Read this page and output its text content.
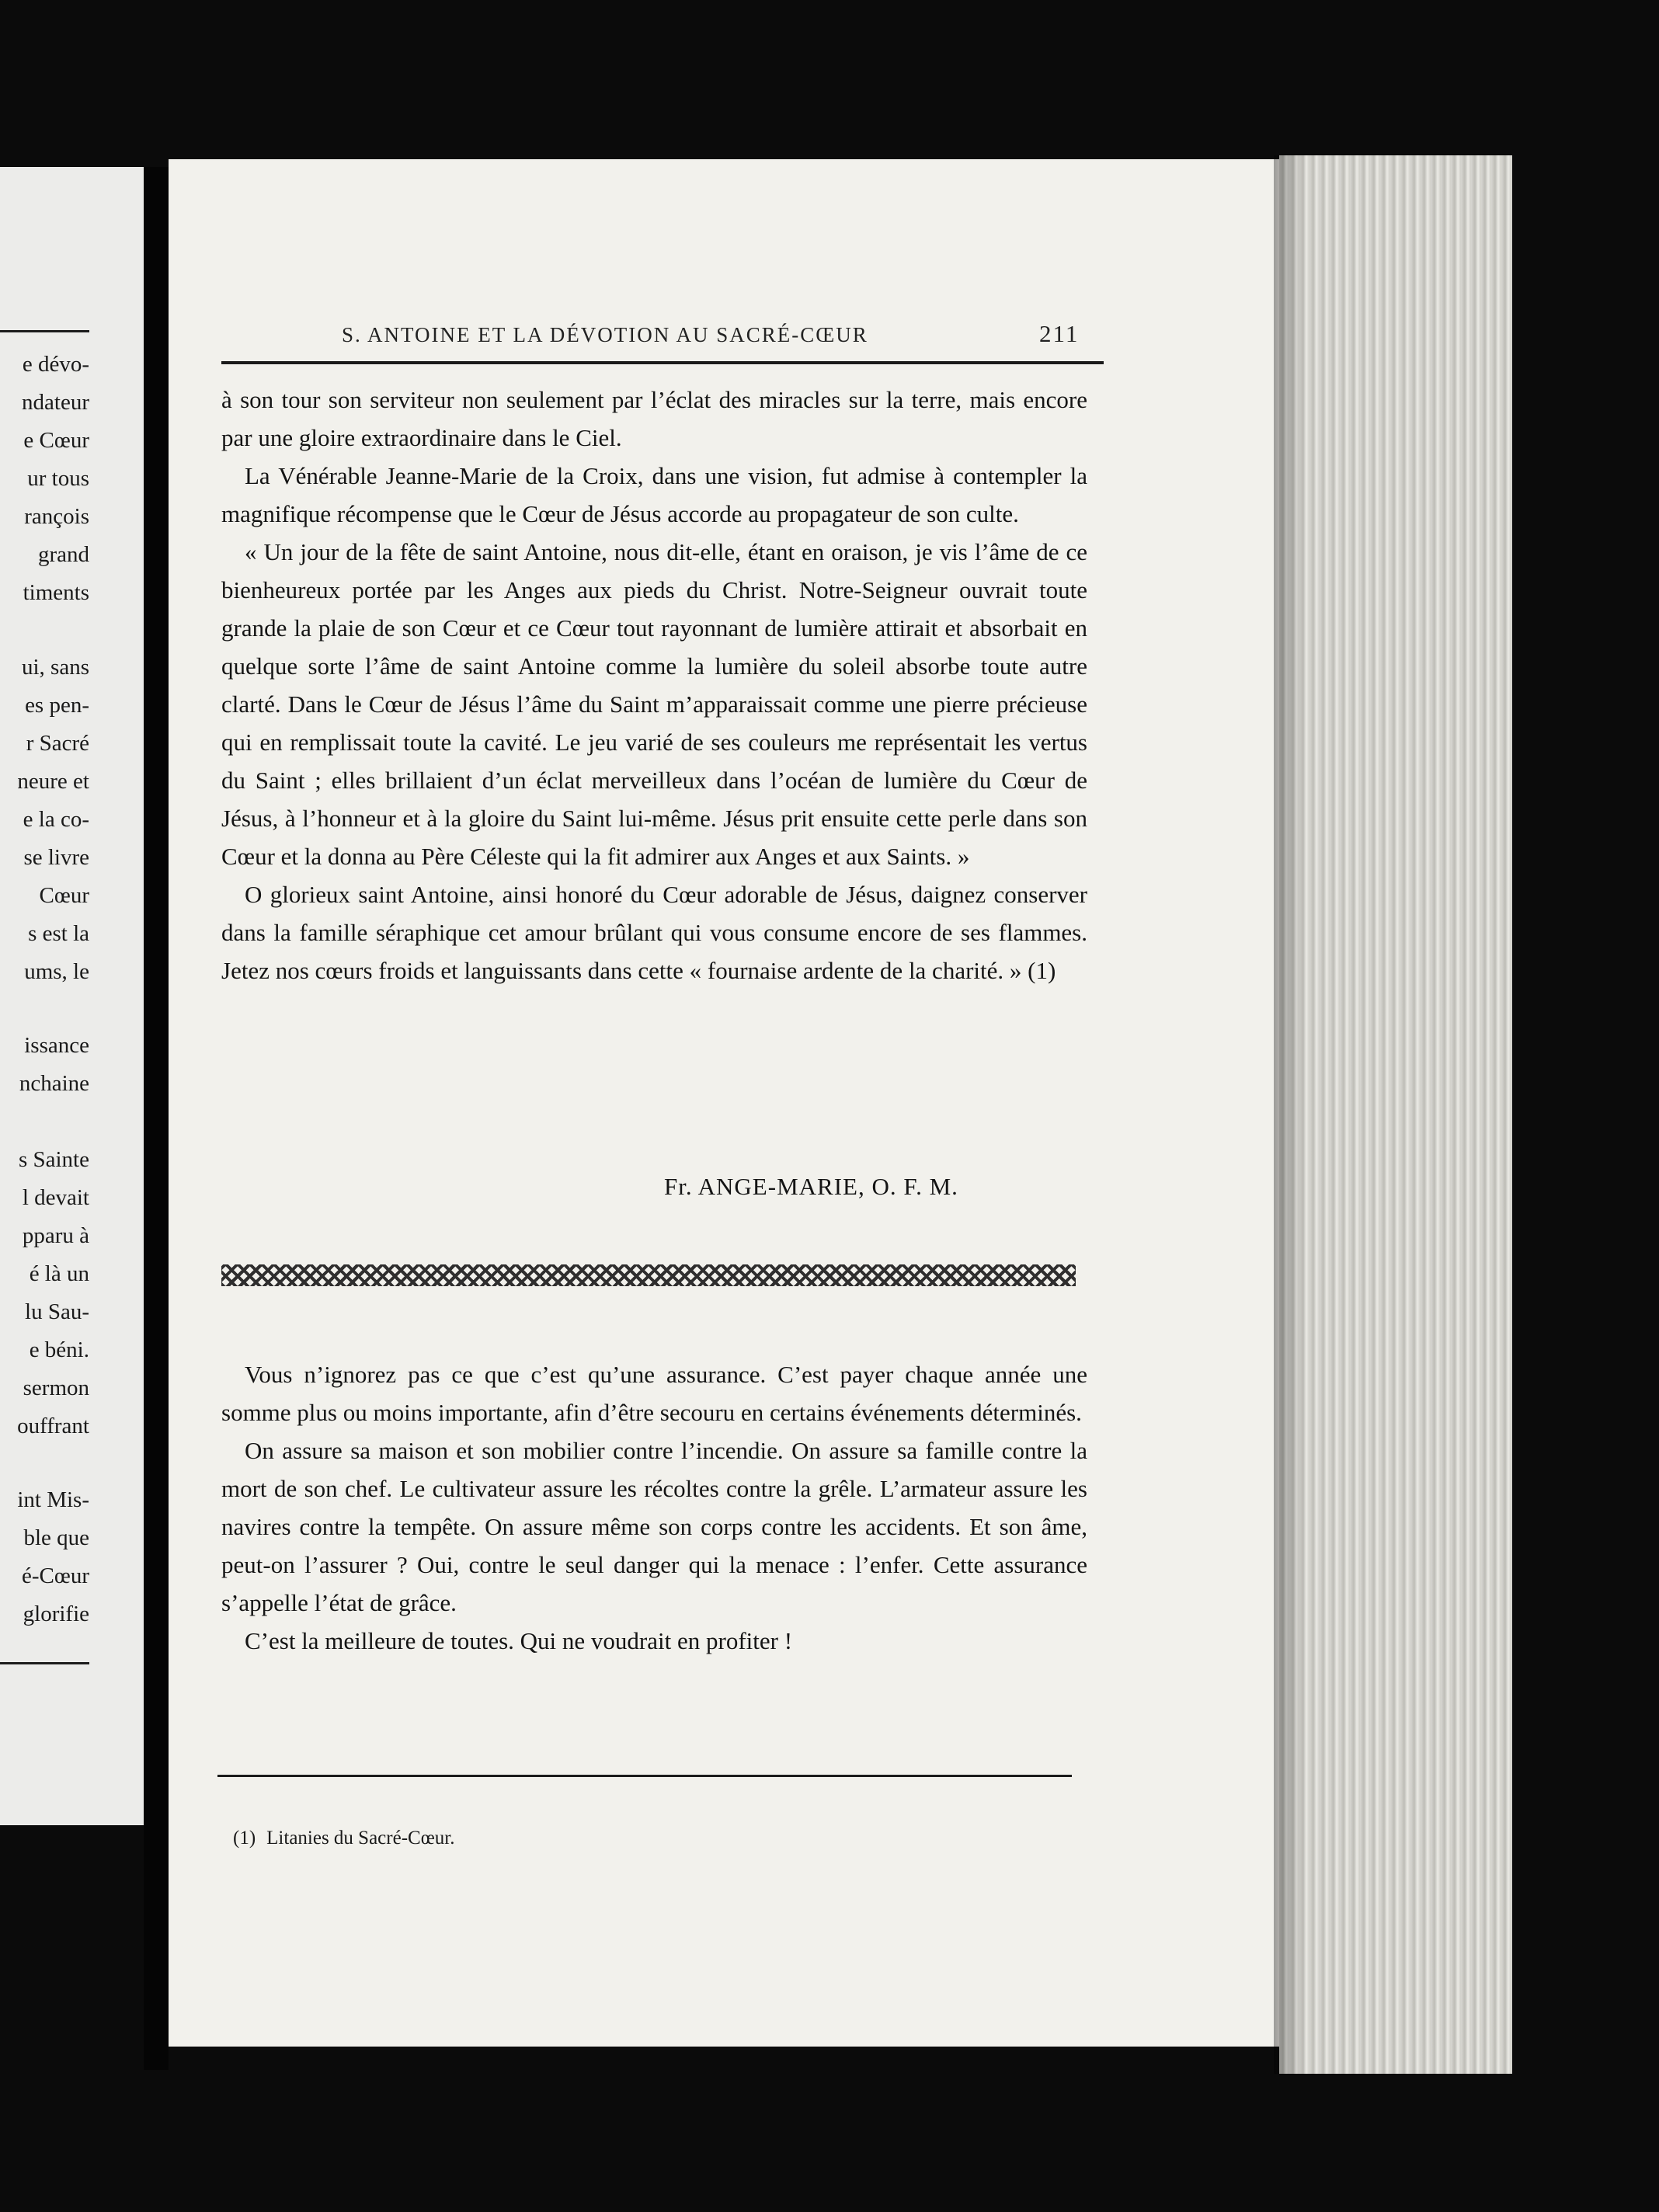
e dévo-
ndateur
e Cœur
ur tous
rançois
grand
timents
ui, sans
es pen-
r Sacré
neure et
e la co-
se livre
Cœur
s est la
ums, le
issance
nchaine
s Sainte
l devait
pparu à
é là un
lu Sau-
e béni.
sermon
ouffrant
int Mis-
ble que
é-Cœur
glorifie
S. ANTOINE ET LA DÉVOTION AU SACRÉ-CŒUR	211

à son tour son serviteur non seulement par l’éclat des miracles sur la terre, mais encore par une gloire extraordinaire dans le Ciel.

La Vénérable Jeanne-Marie de la Croix, dans une vision, fut admise à contempler la magnifique récompense que le Cœur de Jésus accorde au propagateur de son culte.

« Un jour de la fête de saint Antoine, nous dit-elle, étant en oraison, je vis l’âme de ce bienheureux portée par les Anges aux pieds du Christ. Notre-Seigneur ouvrait toute grande la plaie de son Cœur et ce Cœur tout rayonnant de lumière attirait et absorbait en quelque sorte l’âme de saint Antoine comme la lumière du soleil absorbe toute autre clarté. Dans le Cœur de Jésus l’âme du Saint m’apparaissait comme une pierre précieuse qui en remplissait toute la cavité. Le jeu varié de ses couleurs me représentait les vertus du Saint ; elles brillaient d’un éclat merveilleux dans l’océan de lumière du Cœur de Jésus, à l’honneur et à la gloire du Saint lui-même. Jésus prit ensuite cette perle dans son Cœur et la donna au Père Céleste qui la fit admirer aux Anges et aux Saints. »

O glorieux saint Antoine, ainsi honoré du Cœur adorable de Jésus, daignez conserver dans la famille séraphique cet amour brûlant qui vous consume encore de ses flammes. Jetez nos cœurs froids et languissants dans cette « fournaise ardente de la charité. » (1)

Fr. ANGE-MARIE, O. F. M.

Vous n’ignorez pas ce que c’est qu’une assurance. C’est payer chaque année une somme plus ou moins importante, afin d’être secouru en certains événements déterminés.

On assure sa maison et son mobilier contre l’incendie. On assure sa famille contre la mort de son chef. Le cultivateur assure les récoltes contre la grêle. L’armateur assure les navires contre la tempête. On assure même son corps contre les accidents. Et son âme, peut-on l’assurer ? Oui, contre le seul danger qui la menace : l’enfer. Cette assurance s’appelle l’état de grâce.

C’est la meilleure de toutes. Qui ne voudrait en profiter !

(1) Litanies du Sacré-Cœur.
